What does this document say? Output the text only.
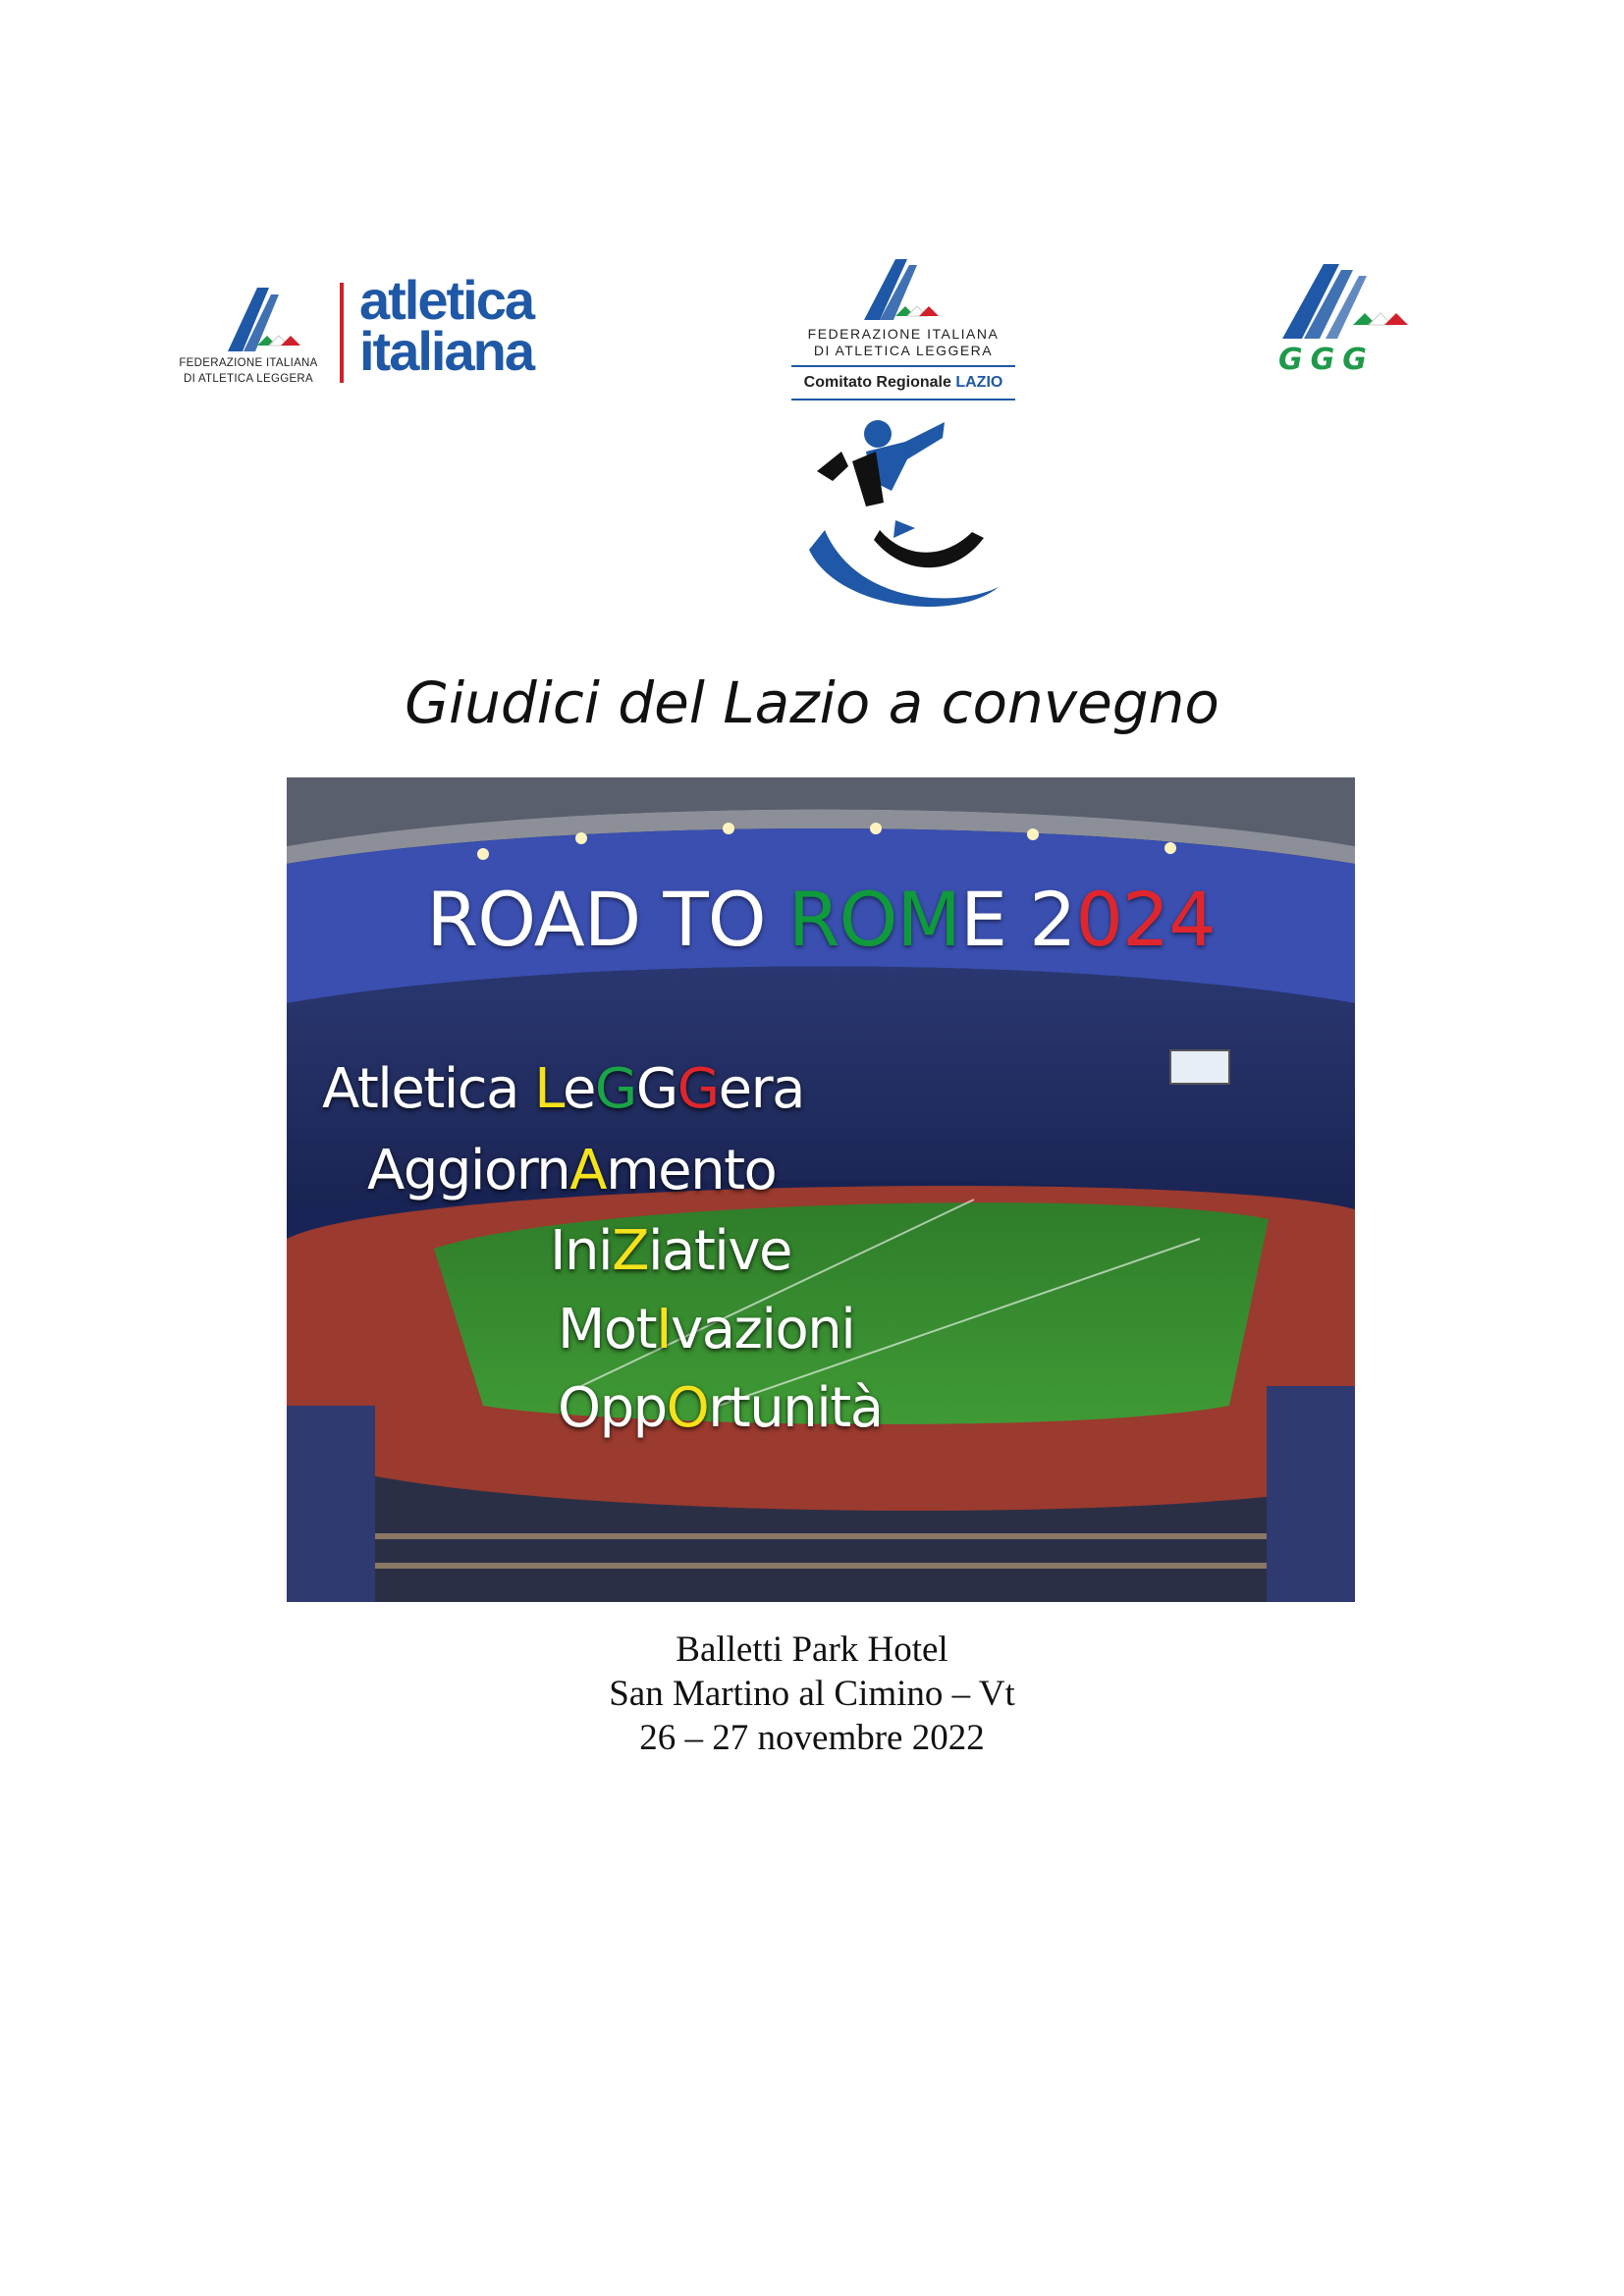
FEDERAZIONE ITALIANA
DI ATLETICA LEGGERA
atletica
italiana	FEDERAZIONE ITALIANA
DI ATLETICA LEGGERA
Comitato Regionale LAZIO
GGG
Giudici del Lazio a convegno
ROAD TO ROME 2024
Atletica LeGGGera
AggiornAmento
IniZiative
MotIvazioni
OppOrtunità
Balletti Park Hotel
San Martino al Cimino – Vt
26 – 27 novembre 2022
